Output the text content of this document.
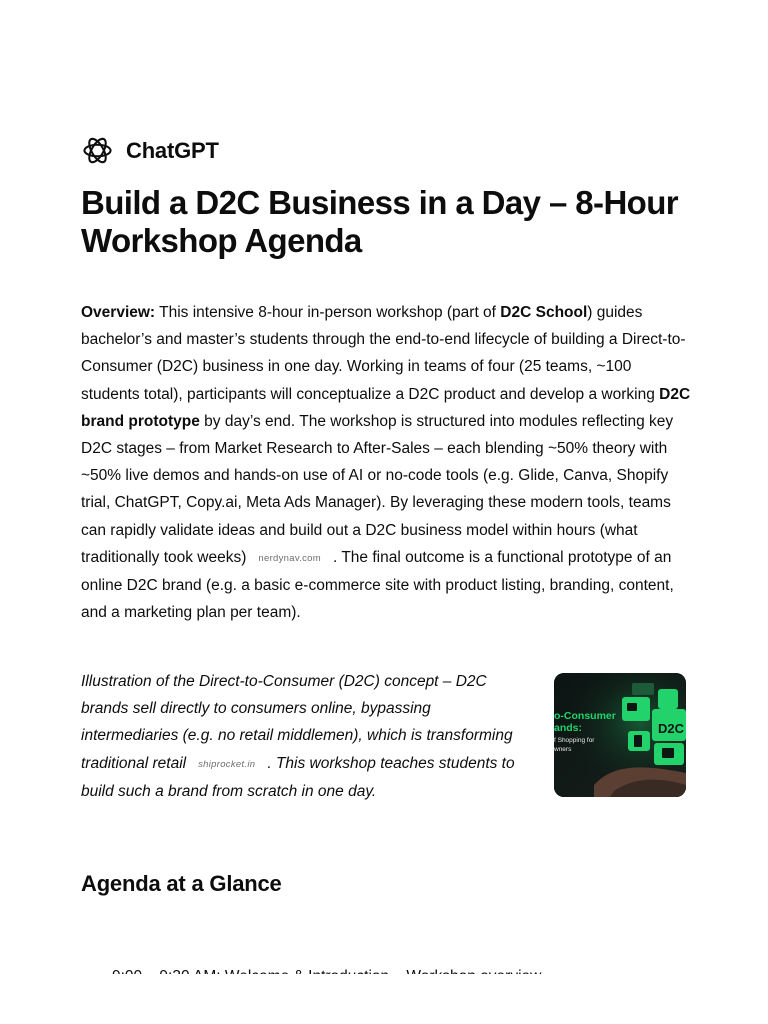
ChatGPT
Build a D2C Business in a Day – 8-Hour Workshop Agenda

Overview: This intensive 8-hour in-person workshop (part of D2C School) guides bachelor’s and master’s students through the end-to-end lifecycle of building a Direct-to-Consumer (D2C) business in one day. Working in teams of four (25 teams, ~100 students total), participants will conceptualize a D2C product and develop a working D2C brand prototype by day’s end. The workshop is structured into modules reflecting key D2C stages – from Market Research to After-Sales – each blending ~50% theory with ~50% live demos and hands-on use of AI or no-code tools (e.g. Glide, Canva, Shopify trial, ChatGPT, Copy.ai, Meta Ads Manager). By leveraging these modern tools, teams can rapidly validate ideas and build out a D2C business model within hours (what traditionally took weeks) nerdynav.com . The final outcome is a functional prototype of an online D2C brand (e.g. a basic e-commerce site with product listing, branding, content, and a marketing plan per team).

Illustration of the Direct-to-Consumer (D2C) concept – D2C brands sell directly to consumers online, bypassing intermediaries (e.g. no retail middlemen), which is transforming traditional retail shiprocket.in . This workshop teaches students to build such a brand from scratch in one day.

o-Consumer
ands:
f Shopping for
wners
D2C
Agenda at a Glance
